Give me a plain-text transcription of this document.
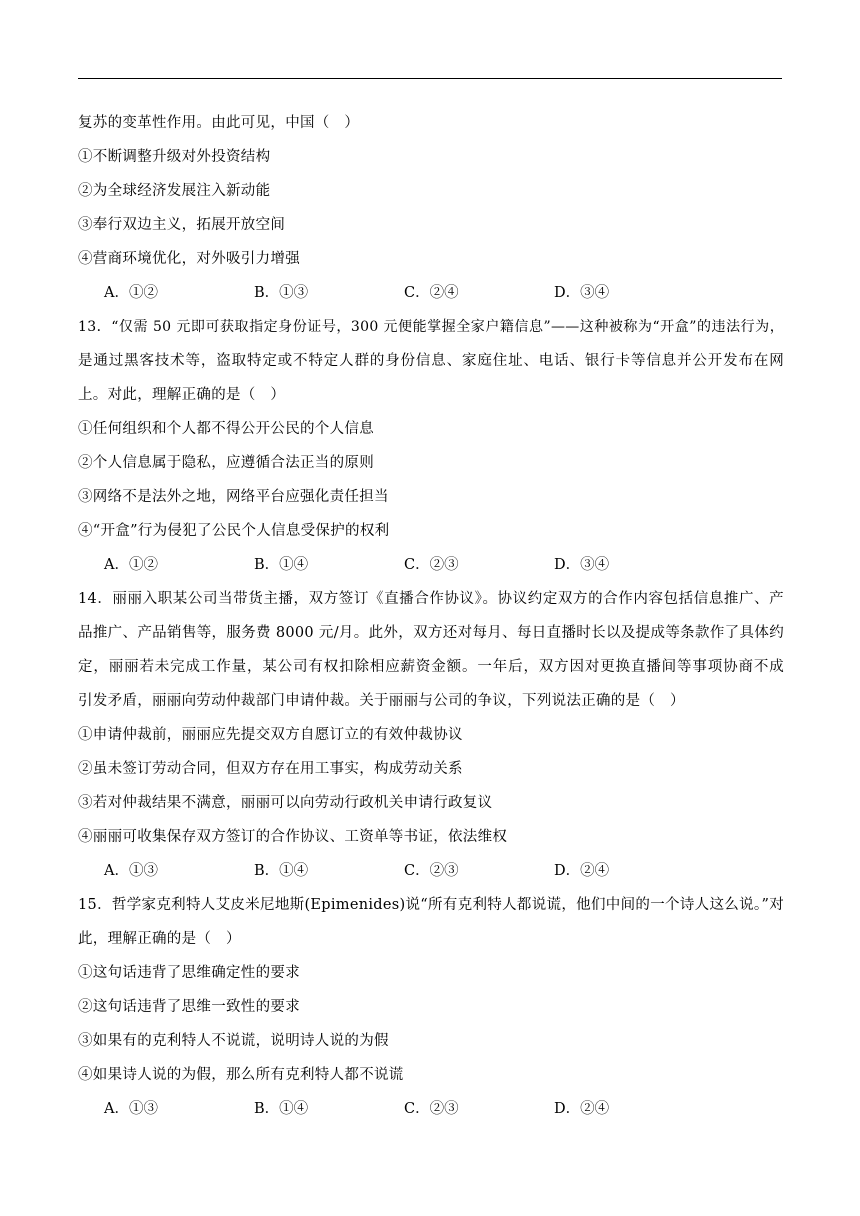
复苏的变革性作用。由此可见，中国（　）
①不断调整升级对外投资结构
②为全球经济发展注入新动能
③奉行双边主义，拓展开放空间
④营商环境优化，对外吸引力增强
A．①②	B．①③	C．②④	D．③④
13．“仅需 50 元即可获取指定身份证号，300 元便能掌握全家户籍信息”——这种被称为“开盒”的违法行为，
是通过黑客技术等，盗取特定或不特定人群的身份信息、家庭住址、电话、银行卡等信息并公开发布在网
上。对此，理解正确的是（　）
①任何组织和个人都不得公开公民的个人信息
②个人信息属于隐私，应遵循合法正当的原则
③网络不是法外之地，网络平台应强化责任担当
④“开盒”行为侵犯了公民个人信息受保护的权利
A．①②	B．①④	C．②③	D．③④
14．丽丽入职某公司当带货主播，双方签订《直播合作协议》。协议约定双方的合作内容包括信息推广、产
品推广、产品销售等，服务费 8000 元/月。此外，双方还对每月、每日直播时长以及提成等条款作了具体约
定，丽丽若未完成工作量，某公司有权扣除相应薪资金额。一年后，双方因对更换直播间等事项协商不成
引发矛盾，丽丽向劳动仲裁部门申请仲裁。关于丽丽与公司的争议，下列说法正确的是（　）
①申请仲裁前，丽丽应先提交双方自愿订立的有效仲裁协议
②虽未签订劳动合同，但双方存在用工事实，构成劳动关系
③若对仲裁结果不满意，丽丽可以向劳动行政机关申请行政复议
④丽丽可收集保存双方签订的合作协议、工资单等书证，依法维权
A．①③	B．①④	C．②③	D．②④
15．哲学家克利特人艾皮米尼地斯(Epimenides)说“所有克利特人都说谎，他们中间的一个诗人这么说。”对
此，理解正确的是（　）
①这句话违背了思维确定性的要求
②这句话违背了思维一致性的要求
③如果有的克利特人不说谎，说明诗人说的为假
④如果诗人说的为假，那么所有克利特人都不说谎
A．①③	B．①④	C．②③	D．②④
